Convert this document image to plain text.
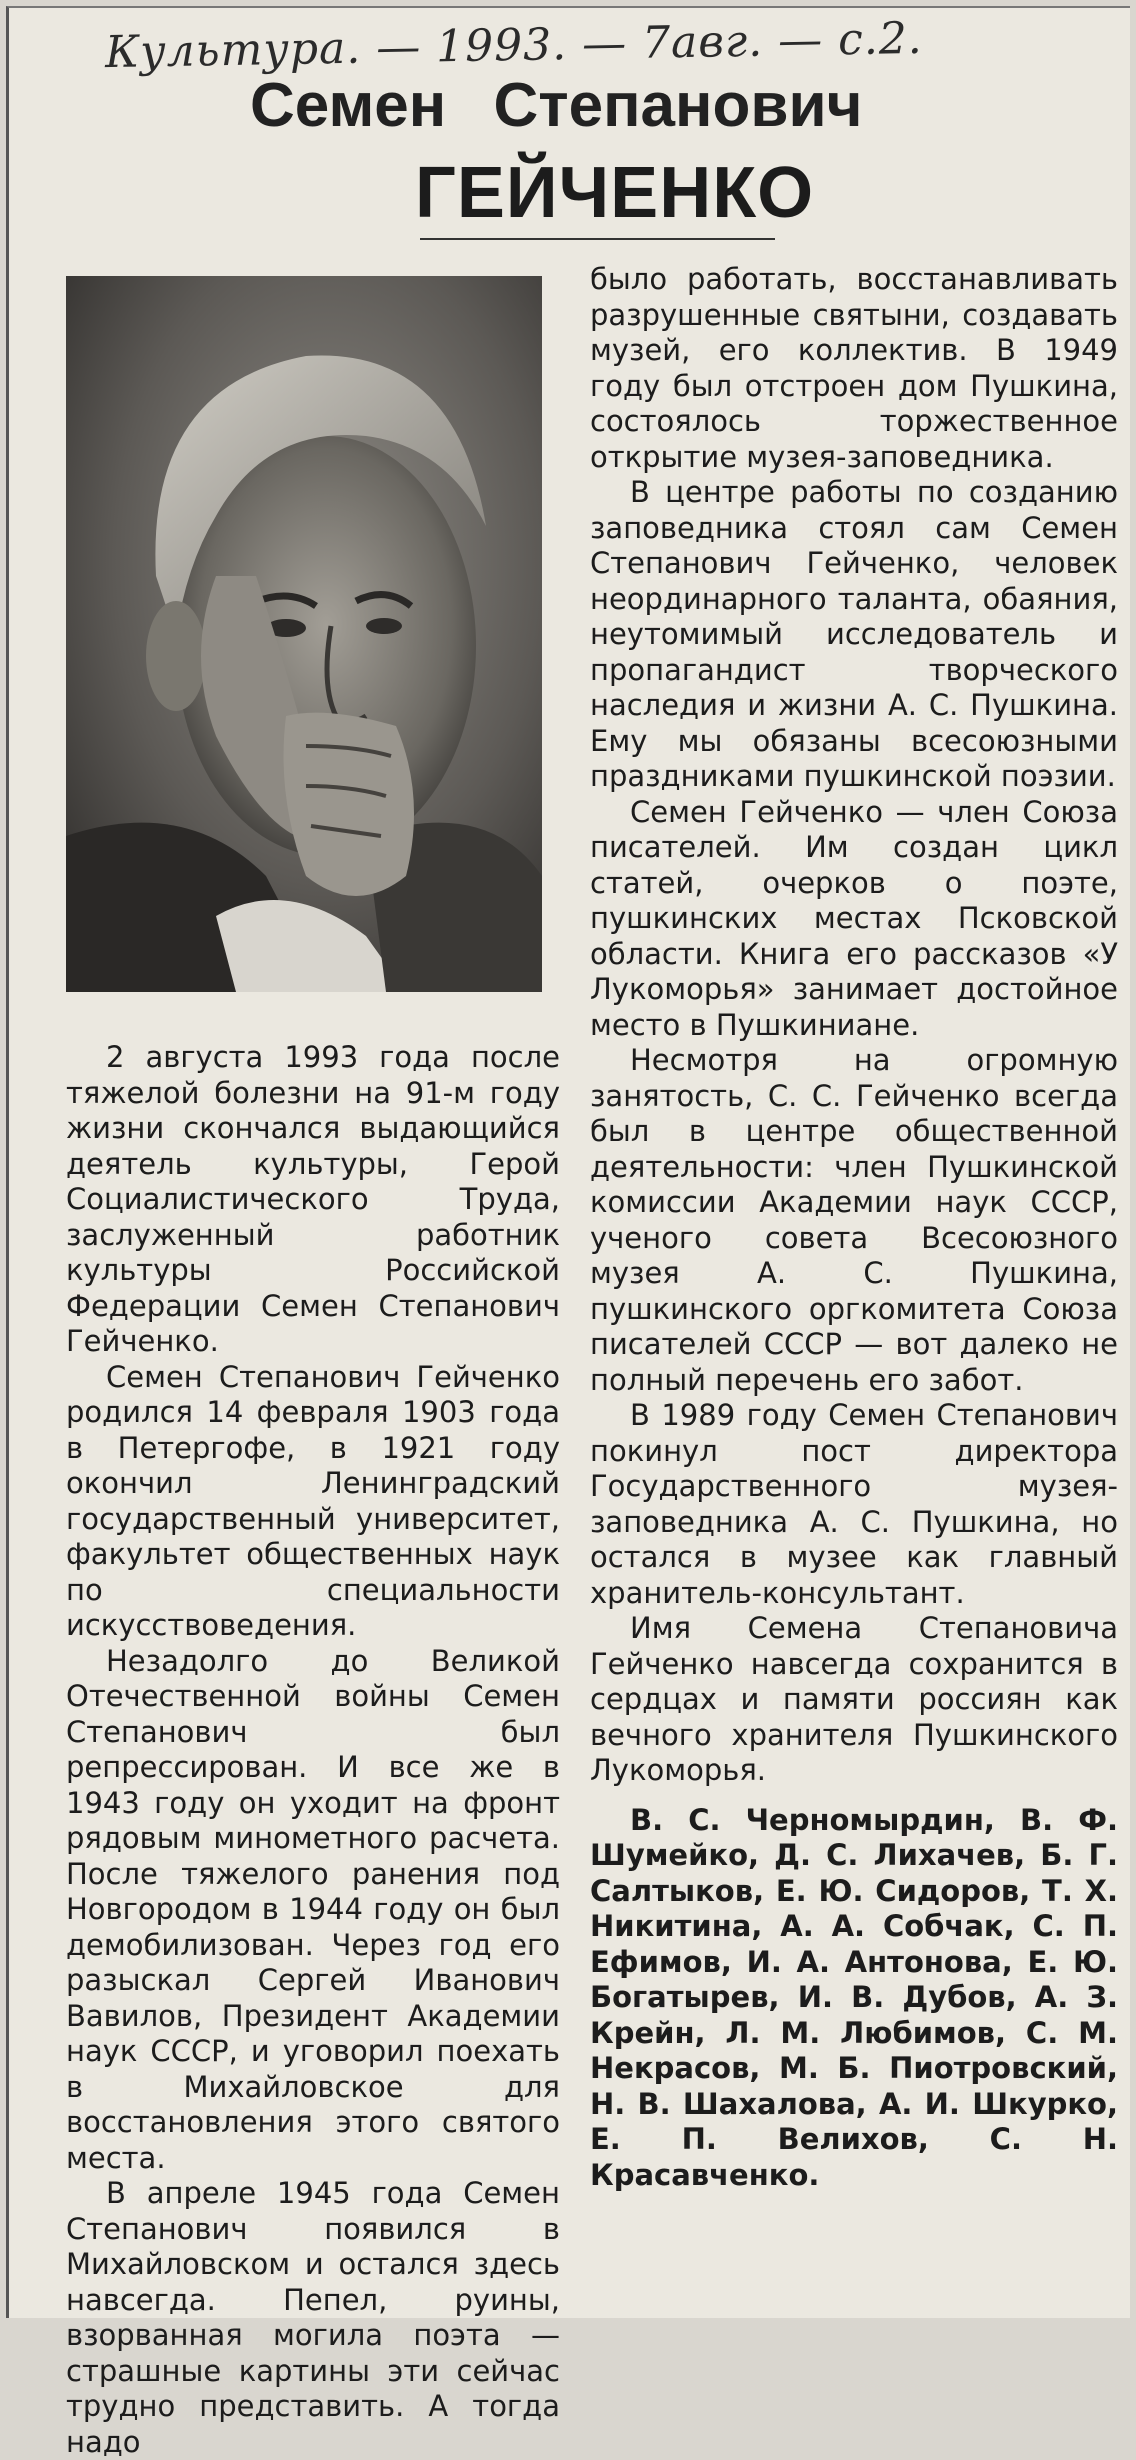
Культура. — 1993. — 7авг. — с.2.
Семен Степанович
ГЕЙЧЕНКО

2 августа 1993 года после тяжелой болезни на 91-м году жизни скончался выдающийся деятель культуры, Герой Социалистического Труда, заслуженный работник культуры Российской Федерации Семен Степанович Гейченко.

Семен Степанович Гейченко родился 14 февраля 1903 года в Петергофе, в 1921 году окончил Ленинградский государственный университет, факультет общественных наук по специальности искусствоведения.

Незадолго до Великой Отечественной войны Семен Степанович был репрессирован. И все же в 1943 году он уходит на фронт рядовым минометного расчета. После тяжелого ранения под Новгородом в 1944 году он был демобилизован. Через год его разыскал Сергей Иванович Вавилов, Президент Академии наук СССР, и уговорил поехать в Михайловское для восстановления этого святого места.

В апреле 1945 года Семен Степанович появился в Михайловском и остался здесь навсегда. Пепел, руины, взорванная могила поэта — страшные картины эти сейчас трудно представить. А тогда надо

было работать, восстанавливать разрушенные святыни, создавать музей, его коллектив. В 1949 году был отстроен дом Пушкина, состоялось торжественное открытие музея-заповедника.

В центре работы по созданию заповедника стоял сам Семен Степанович Гейченко, человек неординарного таланта, обаяния, неутомимый исследователь и пропагандист творческого наследия и жизни А. С. Пушкина. Ему мы обязаны всесоюзными праздниками пушкинской поэзии.

Семен Гейченко — член Союза писателей. Им создан цикл статей, очерков о поэте, пушкинских местах Псковской области. Книга его рассказов «У Лукоморья» занимает достойное место в Пушкиниане.

Несмотря на огромную занятость, С. С. Гейченко всегда был в центре общественной деятельности: член Пушкинской комиссии Академии наук СССР, ученого совета Всесоюзного музея А. С. Пушкина, пушкинского оргкомитета Союза писателей СССР — вот далеко не полный перечень его забот.

В 1989 году Семен Степанович покинул пост директора Государственного музея-заповедника А. С. Пушкина, но остался в музее как главный хранитель-консультант.

Имя Семена Степановича Гейченко навсегда сохранится в сердцах и памяти россиян как вечного хранителя Пушкинского Лукоморья.

В. С. Черномырдин, В. Ф. Шумейко, Д. С. Лихачев, Б. Г. Салтыков, Е. Ю. Сидоров, Т. Х. Никитина, А. А. Собчак, С. П. Ефимов, И. А. Антонова, Е. Ю. Богатырев, И. В. Дубов, А. З. Крейн, Л. М. Любимов, С. М. Некрасов, М. Б. Пиотровский, Н. В. Шахалова, А. И. Шкурко, Е. П. Велихов, С. Н. Красавченко.
